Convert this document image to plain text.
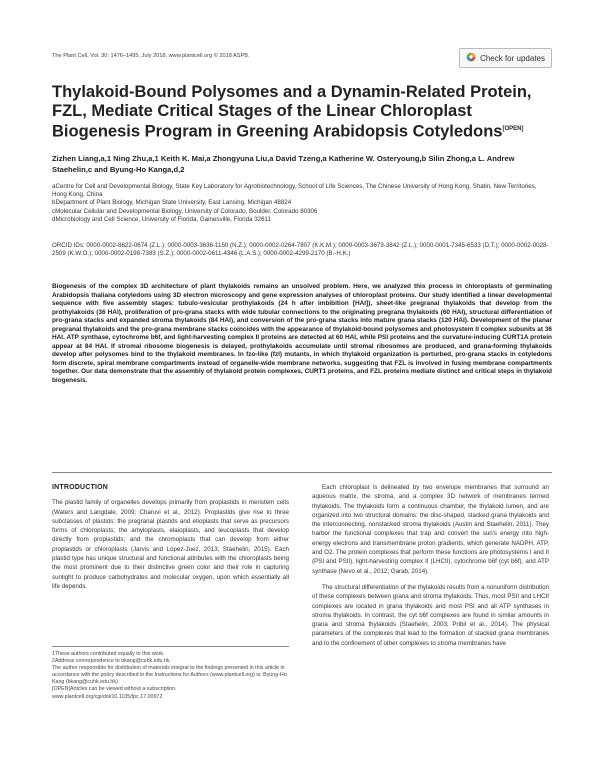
The Plant Cell, Vol. 30: 1476–1495, July 2018, www.plantcell.org © 2018 ASPB.	Check for updates
Thylakoid-Bound Polysomes and a Dynamin-Related Protein, FZL, Mediate Critical Stages of the Linear Chloroplast Biogenesis Program in Greening Arabidopsis Cotyledons[OPEN]
Zizhen Liang,a,1 Ning Zhu,a,1 Keith K. Mai,a Zhongyuna Liu,a David Tzeng,a Katherine W. Osteryoung,b Silin Zhong,a L. Andrew Staehelin,c and Byung-Ho Kanga,d,2
aCentre for Cell and Developmental Biology, State Key Laboratory for Agrobiotechnology, School of Life Sciences, The Chinese University of Hong Kong, Shatin, New Territories, Hong Kong, China
bDepartment of Plant Biology, Michigan State University, East Lansing, Michigan 48824
cMolecular Cellular and Developmental Biology, University of Colorado, Boulder, Colorado 80306
dMicrobiology and Cell Science, University of Florida, Gainesville, Florida 32611
ORCID IDs: 0000-0002-8622-0674 (Z.L.); 0000-0003-3636-1150 (N.Z.); 0000-0002-0264-7807 (K.K.M.); 0000-0003-3679-3842 (Z.L.); 0000-0001-7345-6533 (D.T.); 0000-0002-0028-2509 (K.W.O.); 0000-0002-0198-7383 (S.Z.); 0000-0002-0611-4346 (L.A.S.); 0000-0002-4299-2170 (B.-H.K.)

Biogenesis of the complex 3D architecture of plant thylakoids remains an unsolved problem. Here, we analyzed this process in chloroplasts of germinating Arabidopsis thaliana cotyledons using 3D electron microscopy and gene expression analyses of chloroplast proteins. Our study identified a linear developmental sequence with five assembly stages: tubulo-vesicular prothylakoids (24 h after imbibition [HAI]), sheet-like pregranal thylakoids that develop from the prothylakoids (36 HAI), proliferation of pro-grana stacks with wide tubular connections to the originating pregrana thylakoids (60 HAI), structural differentiation of pro-grana stacks and expanded stroma thylakoids (84 HAI), and conversion of the pro-grana stacks into mature grana stacks (120 HAI). Development of the planar pregranal thylakoids and the pro-grana membrane stacks coincides with the appearance of thylakoid-bound polysomes and photosystem II complex subunits at 36 HAI. ATP synthase, cytochrome b6f, and light-harvesting complex II proteins are detected at 60 HAI, while PSI proteins and the curvature-inducing CURT1A protein appear at 84 HAI. If stromal ribosome biogenesis is delayed, prothylakoids accumulate until stromal ribosomes are produced, and grana-forming thylakoids develop after polysomes bind to the thylakoid membranes. In fzo-like (fzl) mutants, in which thylakoid organization is perturbed, pro-grana stacks in cotyledons form discrete, spiral membrane compartments instead of organelle-wide membrane networks, suggesting that FZL is involved in fusing membrane compartments together. Our data demonstrate that the assembly of thylakoid protein complexes, CURT1 proteins, and FZL proteins mediate distinct and critical steps in thylakoid biogenesis.

INTRODUCTION

The plastid family of organelles develops primarily from proplastids in meristem cells (Waters and Langdale, 2009; Charuvi et al., 2012). Proplastids give rise to three subclasses of plastids: the pregranal plastids and etioplasts that serve as precursors forms of chloroplasts; the amyloplasts, elaioplasts, and leucoplasts that develop directly from proplastids; and the chromoplasts that can develop from either proplastids or chloroplasts (Jarvis and López-Juez, 2013; Staehelin, 2015). Each plastid type has unique structural and functional attributes with the chloroplasts being the most prominent due to their distinctive green color and their role in capturing sunlight to produce carbohydrates and molecular oxygen, upon which essentially all life depends.

1These authors contributed equally to this work.
2Address correspondence to bkang@cuhk.edu.hk.
The author responsible for distribution of materials integral to the findings presented in this article in accordance with the policy described in the Instructions for Authors (www.plantcell.org) is: Byung-Ho Kang (bkang@cuhk.edu.hk).
[OPEN]Articles can be viewed without a subscription.
www.plantcell.org/cgi/doi/10.1105/tpc.17.00972

Each chloroplast is delineated by two envelope membranes that surround an aqueous matrix, the stroma, and a complex 3D network of membranes termed thylakoids. The thylakoids form a continuous chamber, the thylakoid lumen, and are organized into two structural domains: the disc-shaped, stacked grana thylakoids and the interconnecting, nonstacked stroma thylakoids (Austin and Staehelin, 2011). They harbor the functional complexes that trap and convert the sun's energy into high-energy electrons and transmembrane proton gradients, which generate NADPH, ATP, and O2. The protein complexes that perform these functions are photosystems I and II (PSI and PSII), light-harvesting complex II (LHCII), cytochrome b6f (cyt b6f), and ATP synthase (Nevo et al., 2012; Garab, 2014).

The structural differentiation of the thylakoids results from a nonuniform distribution of these complexes between grana and stroma thylakoids. Thus, most PSII and LHCII complexes are located in grana thylakoids and most PSI and all ATP synthases in stroma thylakoids. In contrast, the cyt b6f complexes are found in similar amounts in grana and stroma thylakoids (Staehelin, 2003; Pribil et al., 2014). The physical parameters of the complexes that lead to the formation of stacked grana membranes and to the confinement of other complexes to stroma membranes have
